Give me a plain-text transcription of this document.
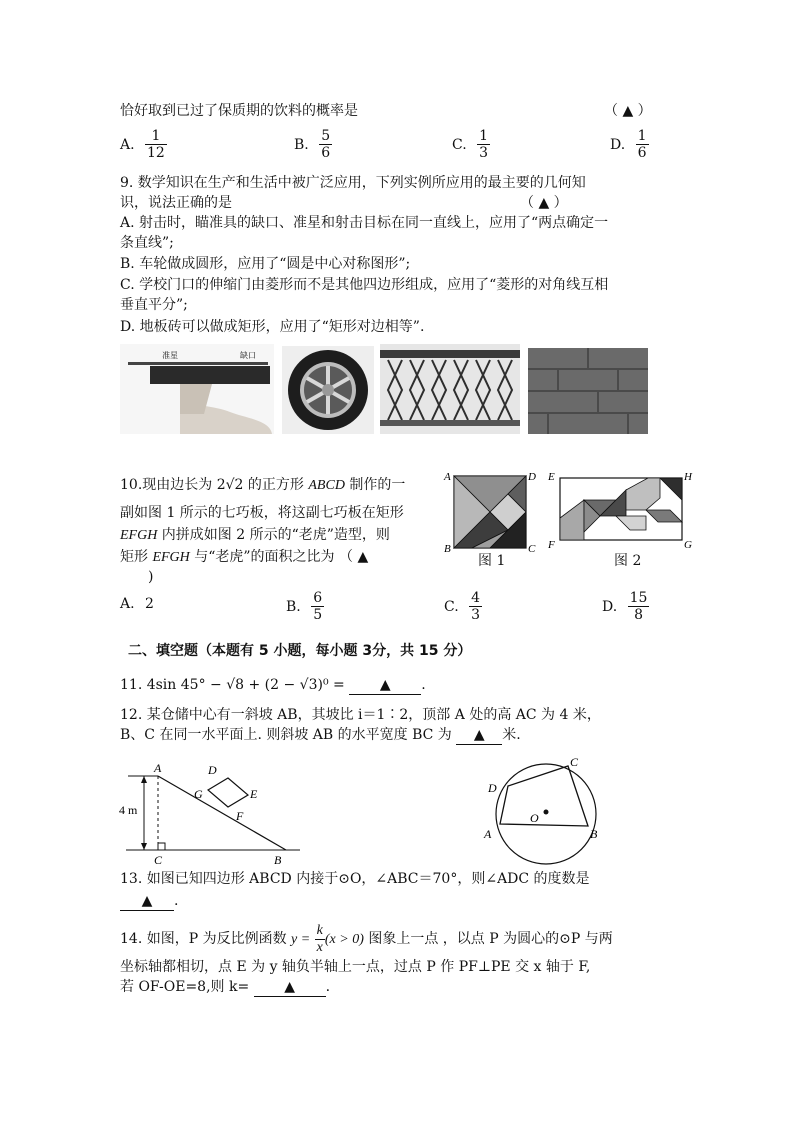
恰好取到已过了保质期的饮料的概率是	（ ▲ ）
A. $\frac{1}{12}$	B. $\frac{5}{6}$	C. $\frac{1}{3}$	D. $\frac{1}{6}$
9. 数学知识在生产和生活中被广泛应用，下列实例所应用的最主要的几何知
识，说法正确的是	（ ▲ ）
A. 射击时，瞄准具的缺口、准星和射击目标在同一直线上，应用了“两点确定一
条直线”;
B. 车轮做成圆形，应用了“圆是中心对称图形”;
C. 学校门口的伸缩门由菱形而不是其他四边形组成，应用了“菱形的对角线互相
垂直平分”;
D. 地板砖可以做成矩形，应用了“矩形对边相等”.
准星	缺口
10.现由边长为 2√2 的正方形 ABCD 制作的一
副如图 1 所示的七巧板，将这副七巧板在矩形
EFGH 内拼成如图 2 所示的“老虎”造型，则
矩形 EFGH 与“老虎”的面积之比为 （ ▲
)
A	D
B	C
图 1
E	H
F	G
图 2
A. 2	B. $\frac{6}{5}$	C. $\frac{4}{3}$	D. $\frac{15}{8}$
二、填空题（本题有 5 小题，每小题 3分，共 15 分）
11. 4sin 45° − √8 + (2 − √3)⁰ =	▲ .
12. 某仓储中心有一斜坡 AB，其坡比 i＝1∶2，顶部 A 处的高 AC 为 4 米，
B、C 在同一水平面上. 则斜坡 AB 的水平宽度 BC 为 ▲ 米.
4 m
A
C	B
D
G	E
F
C
D
A	B
O
13. 如图已知四边形 ABCD 内接于⊙O，∠ABC＝70°，则∠ADC 的度数是
▲ .
14. 如图，P 为反比例函数 $y = \frac{k}{x} (x > 0)$ 图象上一点 ，以点 P 为圆心的⊙P 与两
坐标轴都相切，点 E 为 y 轴负半轴上一点，过点 P 作 PF⊥PE 交 x 轴于 F,
若 OF-OE=8,则 k=	▲ .
